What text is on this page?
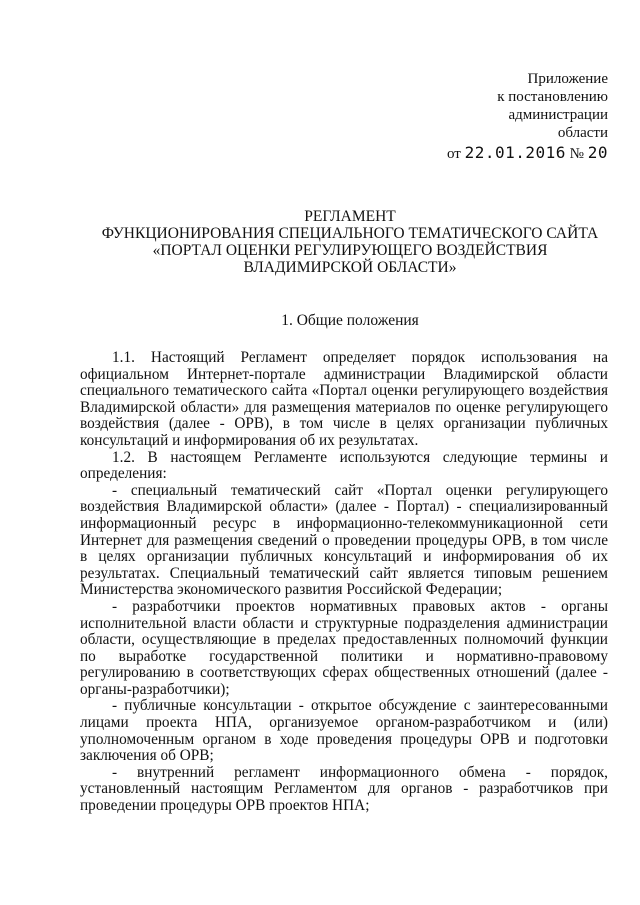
Приложение
к постановлению
администрации
области
от 22.01.2016 № 20
РЕГЛАМЕНТ
ФУНКЦИОНИРОВАНИЯ СПЕЦИАЛЬНОГО ТЕМАТИЧЕСКОГО САЙТА
«ПОРТАЛ ОЦЕНКИ РЕГУЛИРУЮЩЕГО ВОЗДЕЙСТВИЯ
ВЛАДИМИРСКОЙ ОБЛАСТИ»
1. Общие положения

1.1. Настоящий Регламент определяет порядок использования на официальном Интернет-портале администрации Владимирской области специального тематического сайта «Портал оценки регулирующего воздействия Владимирской области» для размещения материалов по оценке регулирующего воздействия (далее - ОРВ), в том числе в целях организации публичных консультаций и информирования об их результатах.

1.2. В настоящем Регламенте используются следующие термины и определения:

- специальный тематический сайт «Портал оценки регулирующего воздействия Владимирской области» (далее - Портал) - специализированный информационный ресурс в информационно-телекоммуникационной сети Интернет для размещения сведений о проведении процедуры ОРВ, в том числе в целях организации публичных консультаций и информирования об их результатах. Специальный тематический сайт является типовым решением Министерства экономического развития Российской Федерации;

- разработчики проектов нормативных правовых актов - органы исполнительной власти области и структурные подразделения администрации области, осуществляющие в пределах предоставленных полномочий функции по выработке государственной политики и нормативно-правовому регулированию в соответствующих сферах общественных отношений (далее - органы-разработчики);

- публичные консультации - открытое обсуждение с заинтересованными лицами проекта НПА, организуемое органом-разработчиком и (или) уполномоченным органом в ходе проведения процедуры ОРВ и подготовки заключения об ОРВ;

- внутренний регламент информационного обмена - порядок, установленный настоящим Регламентом для органов - разработчиков при проведении процедуры ОРВ проектов НПА;
